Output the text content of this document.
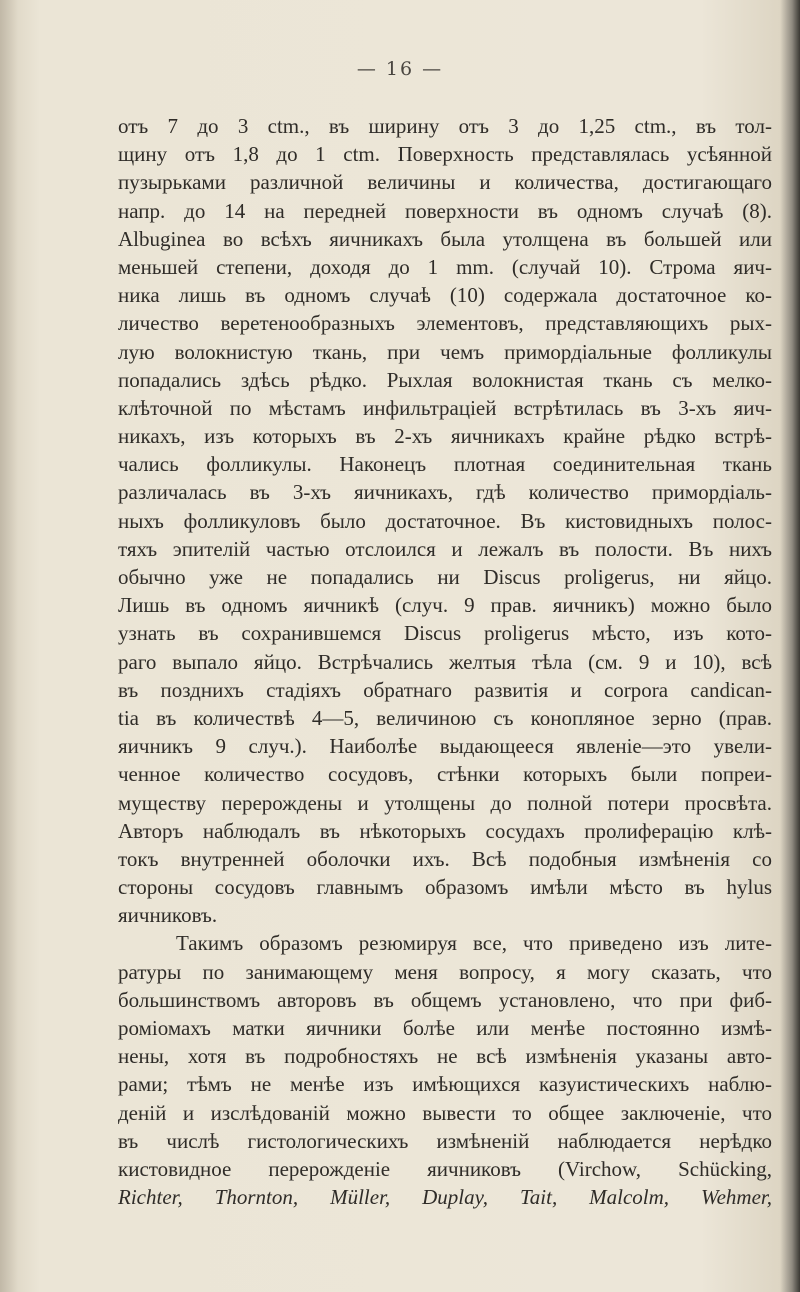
— 16 —
отъ 7 до 3 ctm., въ ширину отъ 3 до 1,25 ctm., въ тол-
щину отъ 1,8 до 1 ctm. Поверхность представлялась усѣянной
пузырьками различной величины и количества, достигающаго
напр. до 14 на передней поверхности въ одномъ случаѣ (8).
Albuginea во всѣхъ яичникахъ была утолщена въ большей или
меньшей степени, доходя до 1 mm. (случай 10). Строма яич-
ника лишь въ одномъ случаѣ (10) содержала достаточное ко-
личество веретенообразныхъ элементовъ, представляющихъ рых-
лую волокнистую ткань, при чемъ примордіальные фолликулы
попадались здѣсь рѣдко. Рыхлая волокнистая ткань съ мелко-
клѣточной по мѣстамъ инфильтраціей встрѣтилась въ 3-хъ яич-
никахъ, изъ которыхъ въ 2-хъ яичникахъ крайне рѣдко встрѣ-
чались фолликулы. Наконецъ плотная соединительная ткань
различалась въ 3-хъ яичникахъ, гдѣ количество примордіаль-
ныхъ фолликуловъ было достаточное. Въ кистовидныхъ полос-
тяхъ эпителій частью отслоился и лежалъ въ полости. Въ нихъ
обычно уже не попадались ни Discus proligerus, ни яйцо.
Лишь въ одномъ яичникѣ (случ. 9 прав. яичникъ) можно было
узнать въ сохранившемся Discus proligerus мѣсто, изъ кото-
раго выпало яйцо. Встрѣчались желтыя тѣла (см. 9 и 10), всѣ
въ позднихъ стадіяхъ обратнаго развитія и corpora candican-
tia въ количествѣ 4—5, величиною съ конопляное зерно (прав.
яичникъ 9 случ.). Наиболѣе выдающееся явленіе—это увели-
ченное количество сосудовъ, стѣнки которыхъ были попреи-
муществу перерождены и утолщены до полной потери просвѣта.
Авторъ наблюдалъ въ нѣкоторыхъ сосудахъ пролиферацію клѣ-
токъ внутренней оболочки ихъ. Всѣ подобныя измѣненія со
стороны сосудовъ главнымъ образомъ имѣли мѣсто въ hylus
яичниковъ.
Такимъ образомъ резюмируя все, что приведено изъ лите-
ратуры по занимающему меня вопросу, я могу сказать, что
большинствомъ авторовъ въ общемъ установлено, что при фиб-
роміомахъ матки яичники болѣе или менѣе постоянно измѣ-
нены, хотя въ подробностяхъ не всѣ измѣненія указаны авто-
рами; тѣмъ не менѣе изъ имѣющихся казуистическихъ наблю-
деній и изслѣдованій можно вывести то общее заключеніе, что
въ числѣ гистологическихъ измѣненій наблюдается нерѣдко
кистовидное перерожденіе яичниковъ (Virchow, Schücking,
Richter, Thornton, Müller, Duplay, Tait, Malcolm, Wehmer,
